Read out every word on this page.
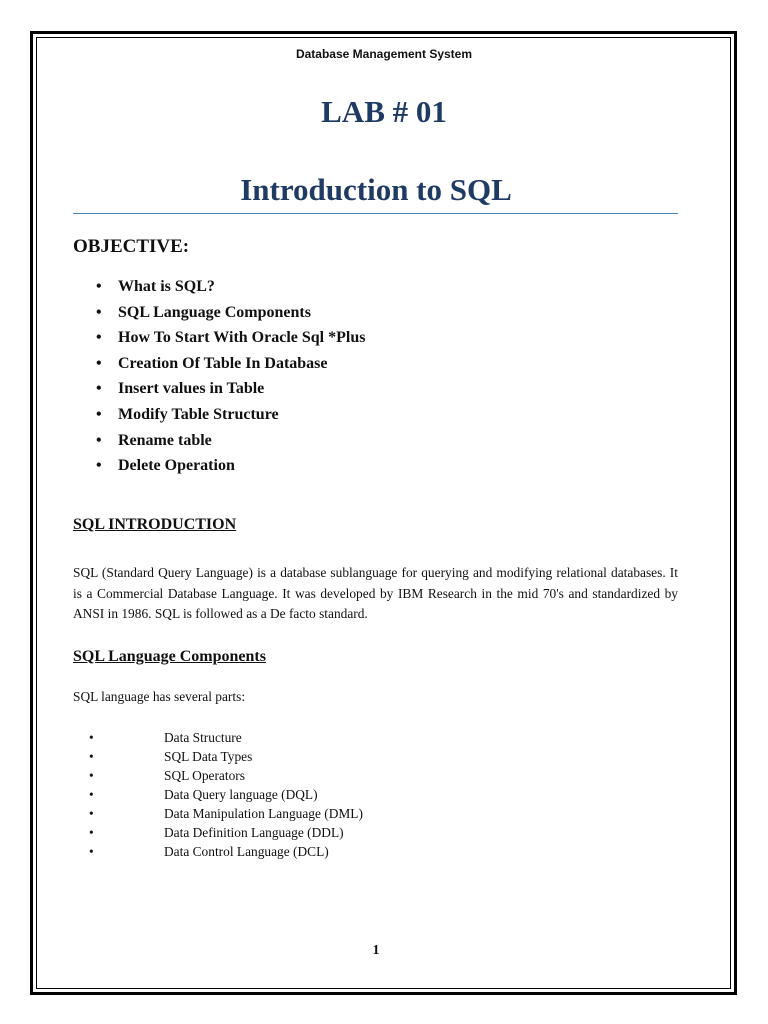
Database Management System
LAB # 01
Introduction to SQL
OBJECTIVE:
•	What is SQL?
•	SQL Language Components
•	How To Start With Oracle Sql *Plus
•	Creation Of Table In Database
•	Insert values in Table
•	Modify Table Structure
•	Rename table
•	Delete Operation
SQL INTRODUCTION
SQL (Standard Query Language) is a database sublanguage for querying and modifying relational databases. It is a Commercial Database Language. It was developed by IBM Research in the mid 70's and standardized by ANSI in 1986. SQL is followed as a De facto standard.
SQL Language Components
SQL language has several parts:
•	Data Structure
•	SQL Data Types
•	SQL Operators
•	Data Query language (DQL)
•	Data Manipulation Language (DML)
•	Data Definition Language (DDL)
•	Data Control Language (DCL)
1
